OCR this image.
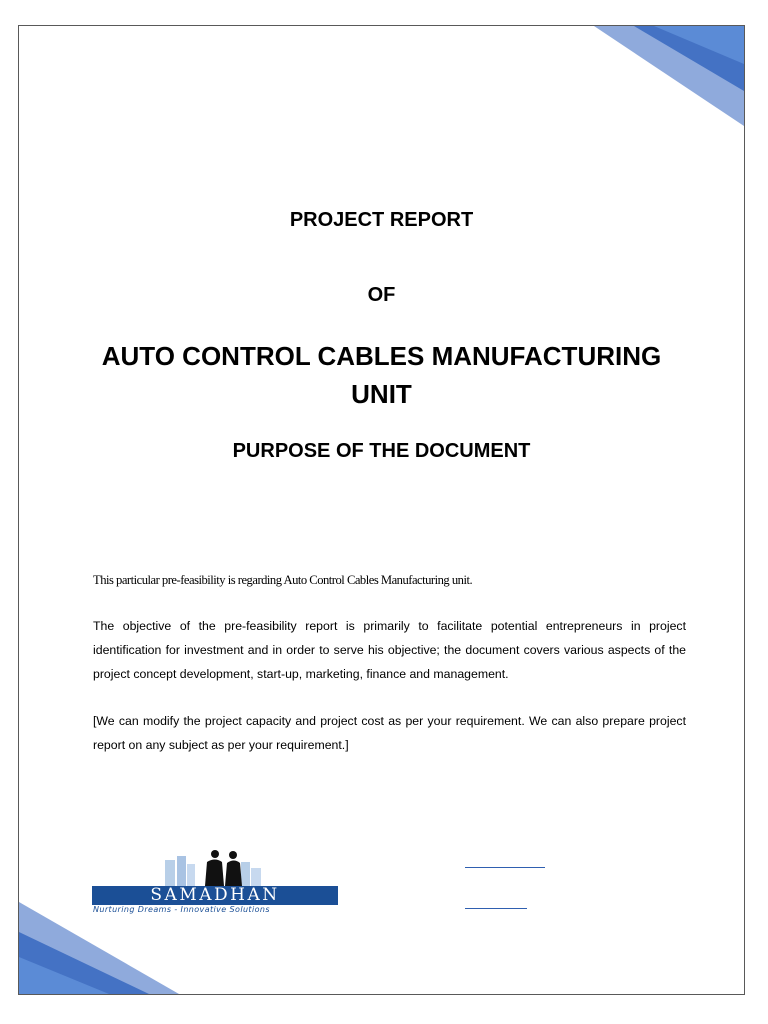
PROJECT REPORT
OF
AUTO CONTROL CABLES MANUFACTURING UNIT
PURPOSE OF THE DOCUMENT
This particular pre-feasibility is regarding Auto Control Cables Manufacturing unit.
The objective of the pre-feasibility report is primarily to facilitate potential entrepreneurs in project identification for investment and in order to serve his objective; the document covers various aspects of the project concept development, start-up, marketing, finance and management.
[We can modify the project capacity and project cost as per your requirement. We can also prepare project report on any subject as per your requirement.]
SAMADHAN
Nurturing Dreams - Innovative Solutions
